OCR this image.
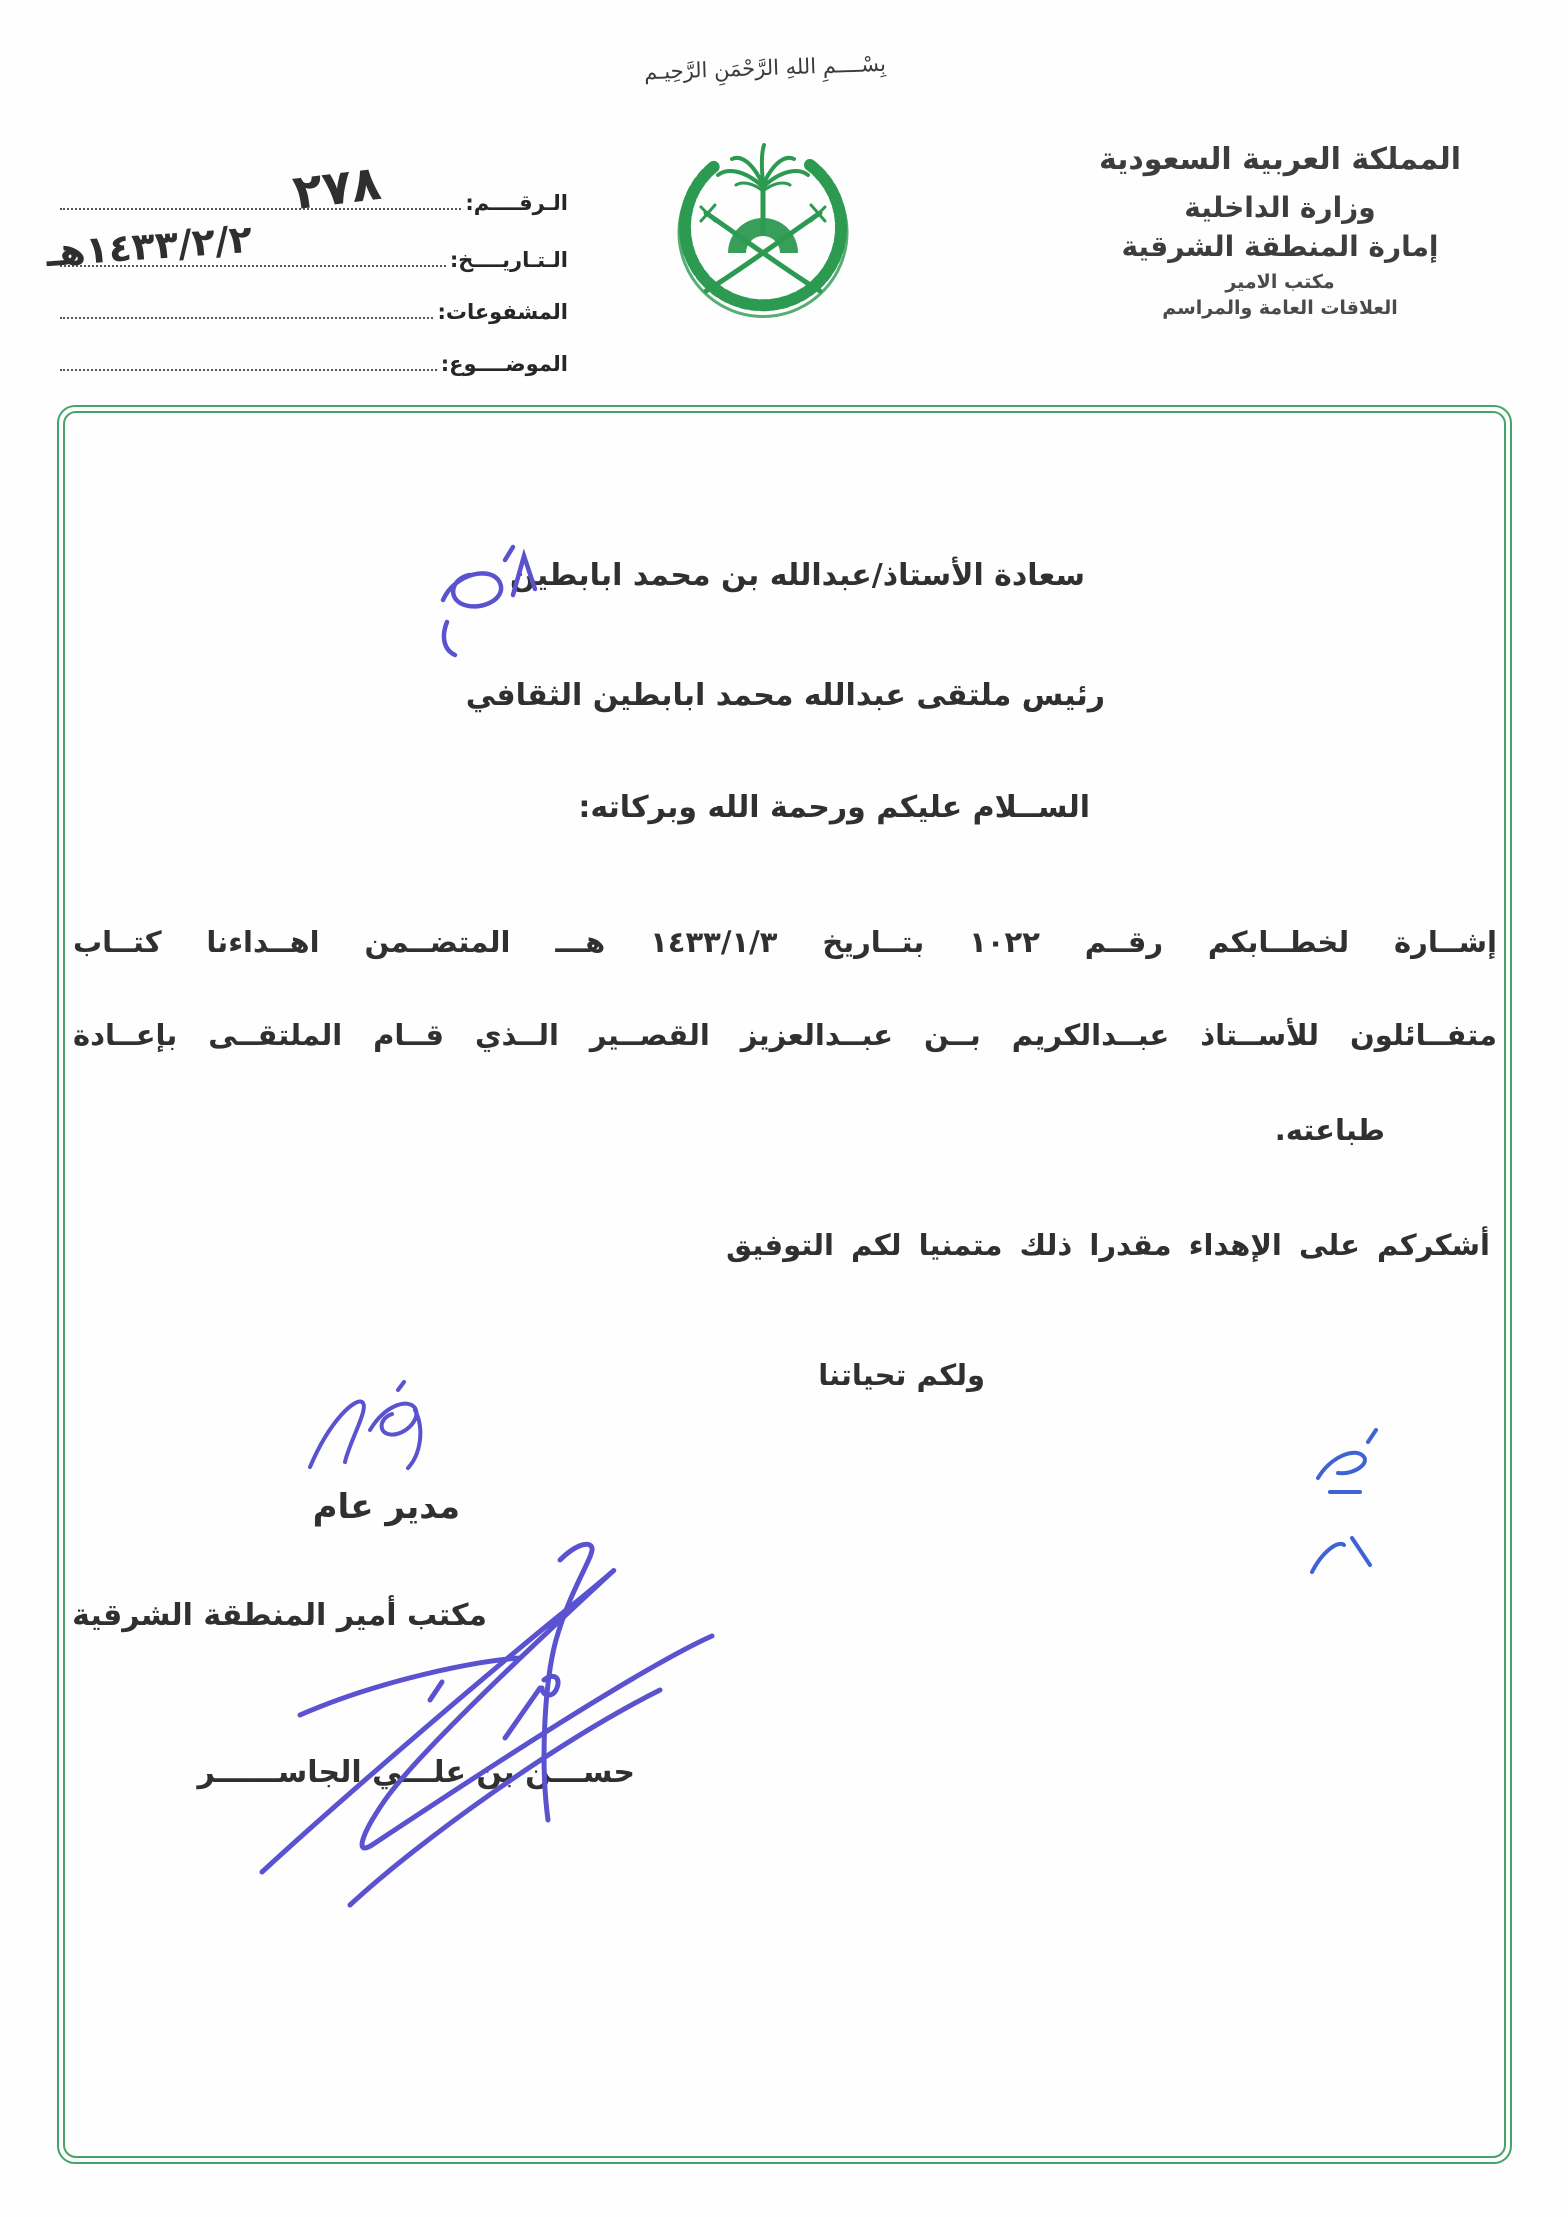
بِسْــــمِ اللهِ الرَّحْمَنِ الرَّحِيـم
المملكة العربية السعودية
وزارة الداخلية
إمارة المنطقة الشرقية
مكتب الامير
العلاقات العامة والمراسم
الـرقــــم:
الـتـاريــــخ:
المشفوعات:
الموضــــوع:
٢٧٨
١٤٣٣/٢/٢هـ
سعادة الأستاذ/عبدالله بن محمد ابابطين
رئيس ملتقى عبدالله محمد ابابطين الثقافي
الســلام عليكم ورحمة الله وبركاته:
إشــارة لخطــابكم رقــم ١٠٢٢ بتــاريخ ١٤٣٣/١/٣ هـــ المتضــمن اهــداءنا كتــاب
متفــائلون للأســتاذ عبــدالكريم بــن عبــدالعزيز القصــير الــذي قــام الملتقــى بإعــادة
طباعته.
أشكركم على الإهداء مقدرا ذلك متمنيا لكم التوفيق
ولكم تحياتنا
مدير عام
مكتب أمير المنطقة الشرقية
حســـن بن علـــي الجاســــــر
